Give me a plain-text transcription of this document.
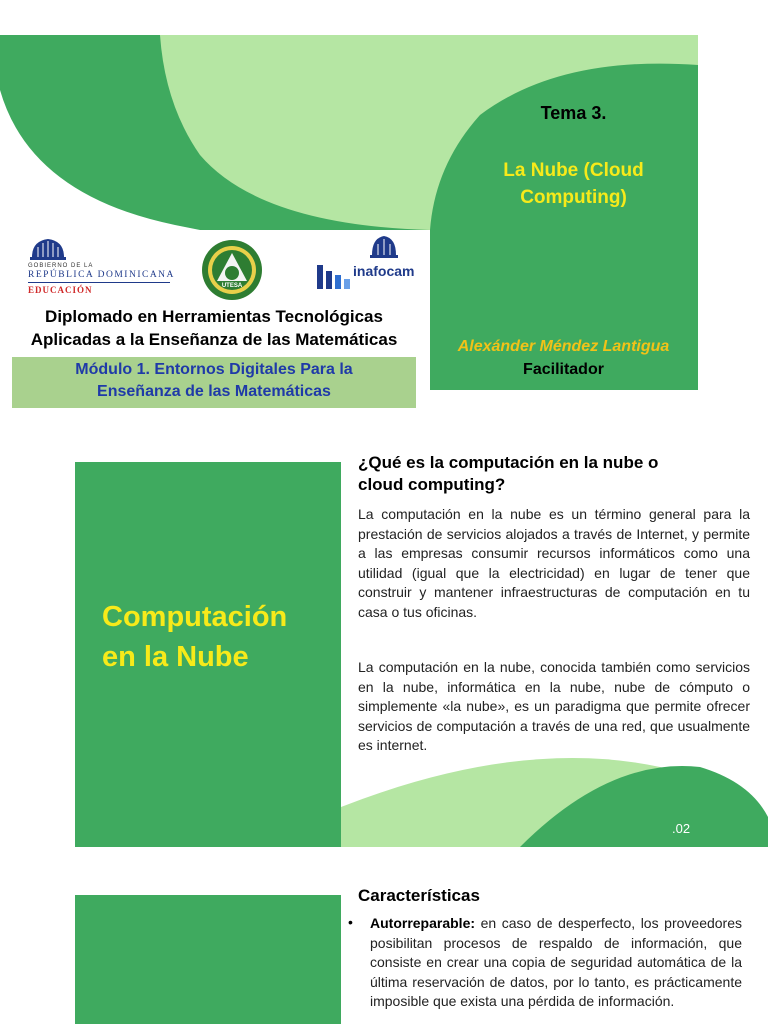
Tema 3.
La Nube (Cloud
Computing)
Alexánder Méndez Lantigua
Facilitador
GOBIERNO DE LA
REPÚBLICA DOMINICANA
EDUCACIÓN	UTESA
inafocam
Diplomado en Herramientas Tecnológicas
Aplicadas a la Enseñanza de las Matemáticas
Módulo 1. Entornos Digitales Para la
Enseñanza de las Matemáticas
Computación
en la Nube
¿Qué es la computación en la nube o
cloud computing?
La computación en la nube es un término general para la prestación de servicios alojados a través de Internet, y permite a las empresas consumir recursos informáticos como una utilidad (igual que la electricidad) en lugar de tener que construir y mantener infraestructuras de computación en tu casa o tus oficinas.
La computación en la nube, conocida también como servicios en la nube, informática en la nube, nube de cómputo o simplemente «la nube», es un paradigma que permite ofrecer servicios de computación a través de una red, que usualmente es internet.
.02
Características
• Autorreparable: en caso de desperfecto, los proveedores posibilitan procesos de respaldo de información, que consiste en crear una copia de seguridad automática de la última reservación de datos, por lo tanto, es prácticamente imposible que exista una pérdida de información.
